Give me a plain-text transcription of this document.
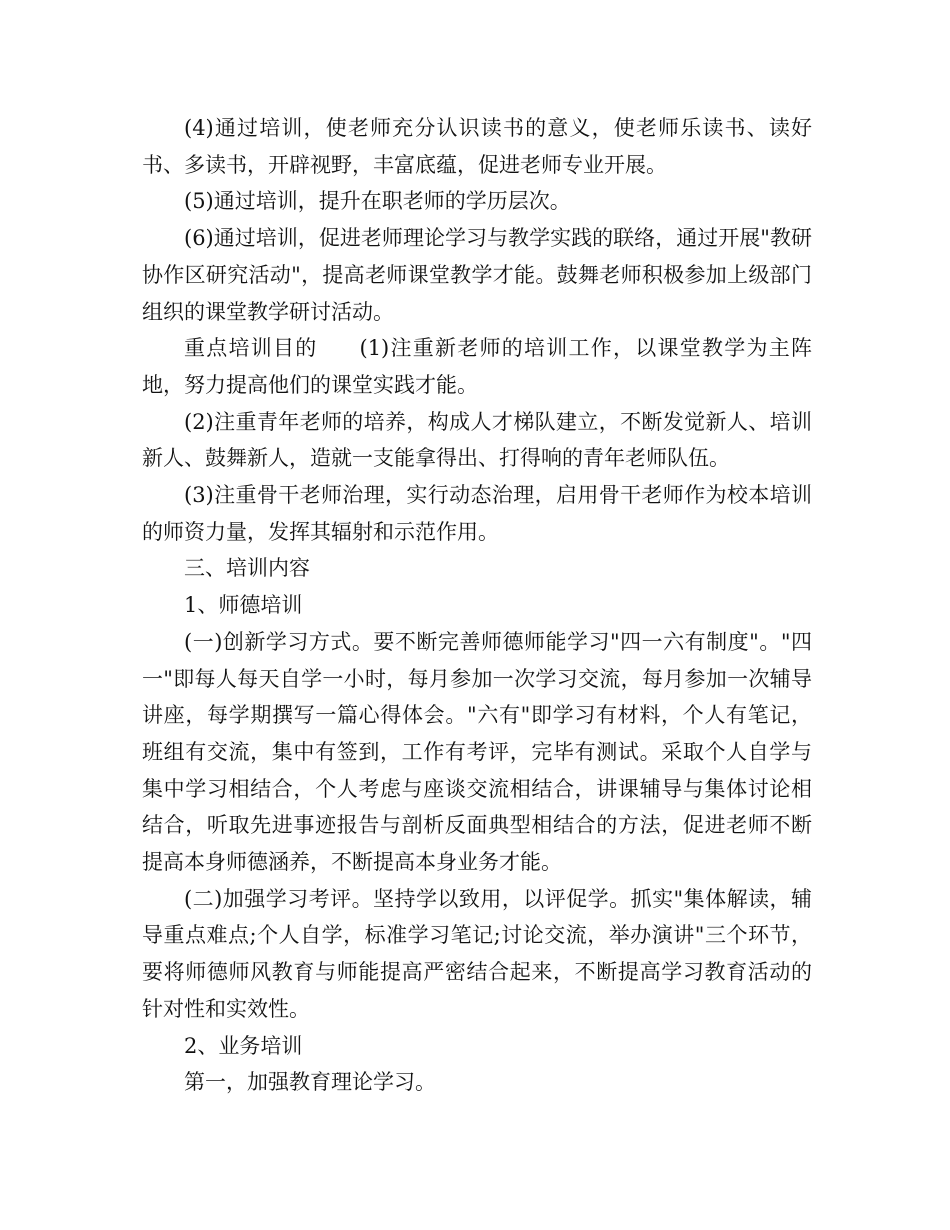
(4)通过培训，使老师充分认识读书的意义，使老师乐读书、读好书、多读书，开辟视野，丰富底蕴，促进老师专业开展。

(5)通过培训，提升在职老师的学历层次。

(6)通过培训，促进老师理论学习与教学实践的联络，通过开展"教研协作区研究活动"，提高老师课堂教学才能。鼓舞老师积极参加上级部门组织的课堂教学研讨活动。

重点培训目的 (1)注重新老师的培训工作，以课堂教学为主阵地，努力提高他们的课堂实践才能。

(2)注重青年老师的培养，构成人才梯队建立，不断发觉新人、培训新人、鼓舞新人，造就一支能拿得出、打得响的青年老师队伍。

(3)注重骨干老师治理，实行动态治理，启用骨干老师作为校本培训的师资力量，发挥其辐射和示范作用。

三、培训内容

1、师德培训

(一)创新学习方式。要不断完善师德师能学习"四一六有制度"。"四一"即每人每天自学一小时，每月参加一次学习交流，每月参加一次辅导讲座，每学期撰写一篇心得体会。"六有"即学习有材料，个人有笔记，班组有交流，集中有签到，工作有考评，完毕有测试。采取个人自学与集中学习相结合，个人考虑与座谈交流相结合，讲课辅导与集体讨论相结合，听取先进事迹报告与剖析反面典型相结合的方法，促进老师不断提高本身师德涵养，不断提高本身业务才能。

(二)加强学习考评。坚持学以致用，以评促学。抓实"集体解读，辅导重点难点;个人自学，标准学习笔记;讨论交流，举办演讲"三个环节，要将师德师风教育与师能提高严密结合起来，不断提高学习教育活动的针对性和实效性。

2、业务培训

第一，加强教育理论学习。
